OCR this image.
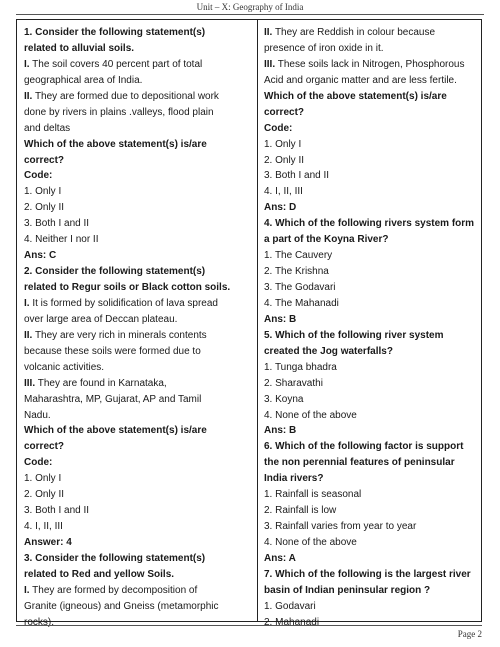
Unit – X: Geography of India
1. Consider the following statement(s)
related to alluvial soils.
I. The soil covers 40 percent part of total
geographical area of India.
II. They are formed due to depositional work
done by rivers in plains .valleys, flood plain
and deltas
Which of the above statement(s) is/are
correct?
Code:
1. Only I
2. Only II
3. Both I and II
4. Neither I nor II
Ans: C
2. Consider the following statement(s)
related to Regur soils or Black cotton soils.
I. It is formed by solidification of lava spread
over large area of Deccan plateau.
II. They are very rich in minerals contents
because these soils were formed due to
volcanic activities.
III. They are found in Karnataka,
Maharashtra, MP, Gujarat, AP and Tamil
Nadu.
Which of the above statement(s) is/are
correct?
Code:
1. Only I
2. Only II
3. Both I and II
4. I, II, III
Answer: 4
3. Consider the following statement(s)
related to Red and yellow Soils.
I. They are formed by decomposition of
Granite (igneous) and Gneiss (metamorphic
rocks).
II. They are Reddish in colour because
presence of iron oxide in it.
III. These soils lack in Nitrogen, Phosphorous
Acid and organic matter and are less fertile.
Which of the above statement(s) is/are
correct?
Code:
1. Only I
2. Only II
3. Both I and II
4. I, II, III
Ans: D
4. Which of the following rivers system form
a part of the Koyna River?
1. The Cauvery
2. The Krishna
3. The Godavari
4. The Mahanadi
Ans: B
5. Which of the following river system
created the Jog waterfalls?
1. Tunga bhadra
2. Sharavathi
3. Koyna
4. None of the above
Ans: B
6. Which of the following factor is support
the non perennial features of peninsular
India rivers?
1. Rainfall is seasonal
2. Rainfall is low
3. Rainfall varies from year to year
4. None of the above
Ans: A
7. Which of the following is the largest river
basin of Indian peninsular region ?
1. Godavari
2. Mahanadi
Page 2
